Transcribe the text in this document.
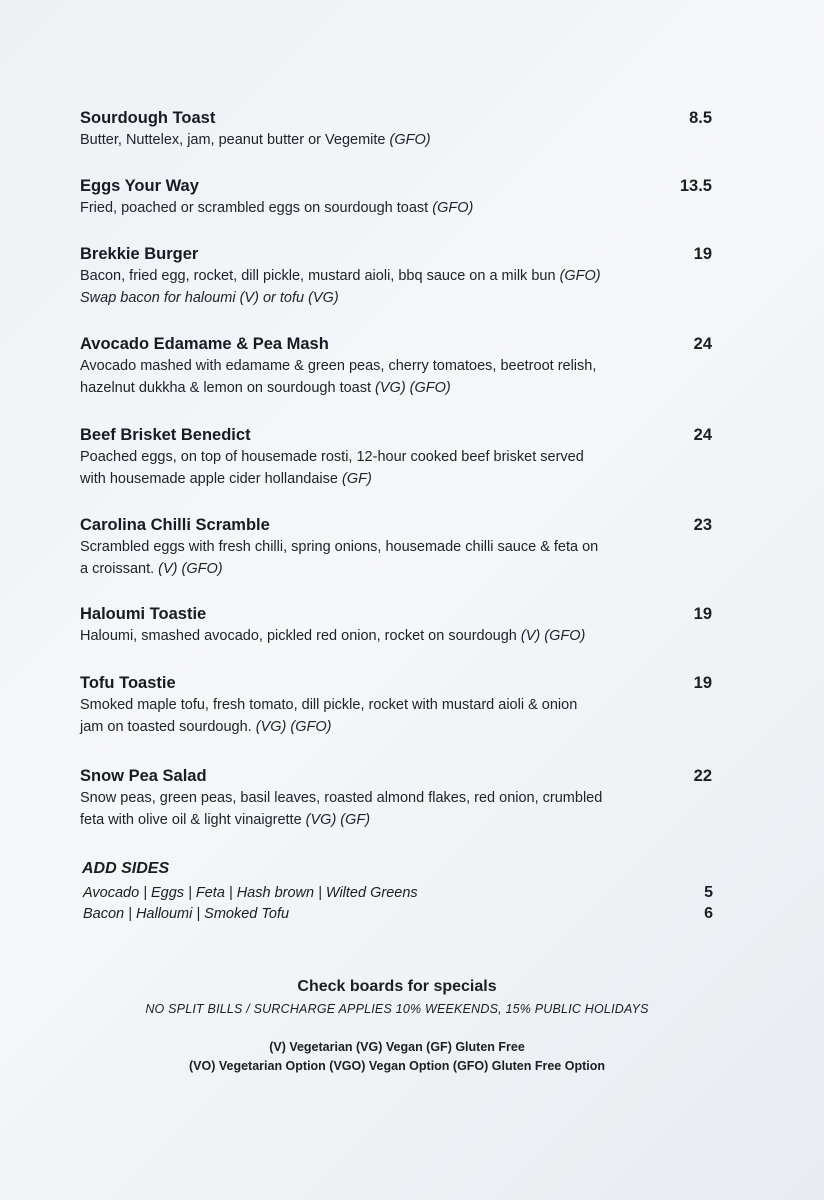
Sourdough Toast	8.5
Butter, Nuttelex, jam, peanut butter or Vegemite (GFO)
Eggs Your Way	13.5
Fried, poached or scrambled eggs on sourdough toast (GFO)
Brekkie Burger	19
Bacon, fried egg, rocket, dill pickle, mustard aioli, bbq sauce on a milk bun (GFO)
Swap bacon for haloumi (V) or tofu (VG)
Avocado Edamame & Pea Mash	24
Avocado mashed with edamame & green peas, cherry tomatoes, beetroot relish,
hazelnut dukkha & lemon on sourdough toast (VG) (GFO)
Beef Brisket Benedict	24
Poached eggs, on top of housemade rosti, 12-hour cooked beef brisket served
with housemade apple cider hollandaise (GF)
Carolina Chilli Scramble	23
Scrambled eggs with fresh chilli, spring onions, housemade chilli sauce & feta on
a croissant. (V) (GFO)
Haloumi Toastie	19
Haloumi, smashed avocado, pickled red onion, rocket on sourdough (V) (GFO)
Tofu Toastie	19
Smoked maple tofu, fresh tomato, dill pickle, rocket with mustard aioli & onion
jam on toasted sourdough. (VG) (GFO)
Snow Pea Salad	22
Snow peas, green peas, basil leaves, roasted almond flakes, red onion, crumbled
feta with olive oil & light vinaigrette (VG) (GF)
ADD SIDES
Avocado | Eggs | Feta | Hash brown | Wilted Greens	5
Bacon | Halloumi | Smoked Tofu	6
Check boards for specials
NO SPLIT BILLS / SURCHARGE APPLIES 10% WEEKENDS, 15% PUBLIC HOLIDAYS
(V) Vegetarian (VG) Vegan (GF) Gluten Free
(VO) Vegetarian Option (VGO) Vegan Option (GFO) Gluten Free Option
